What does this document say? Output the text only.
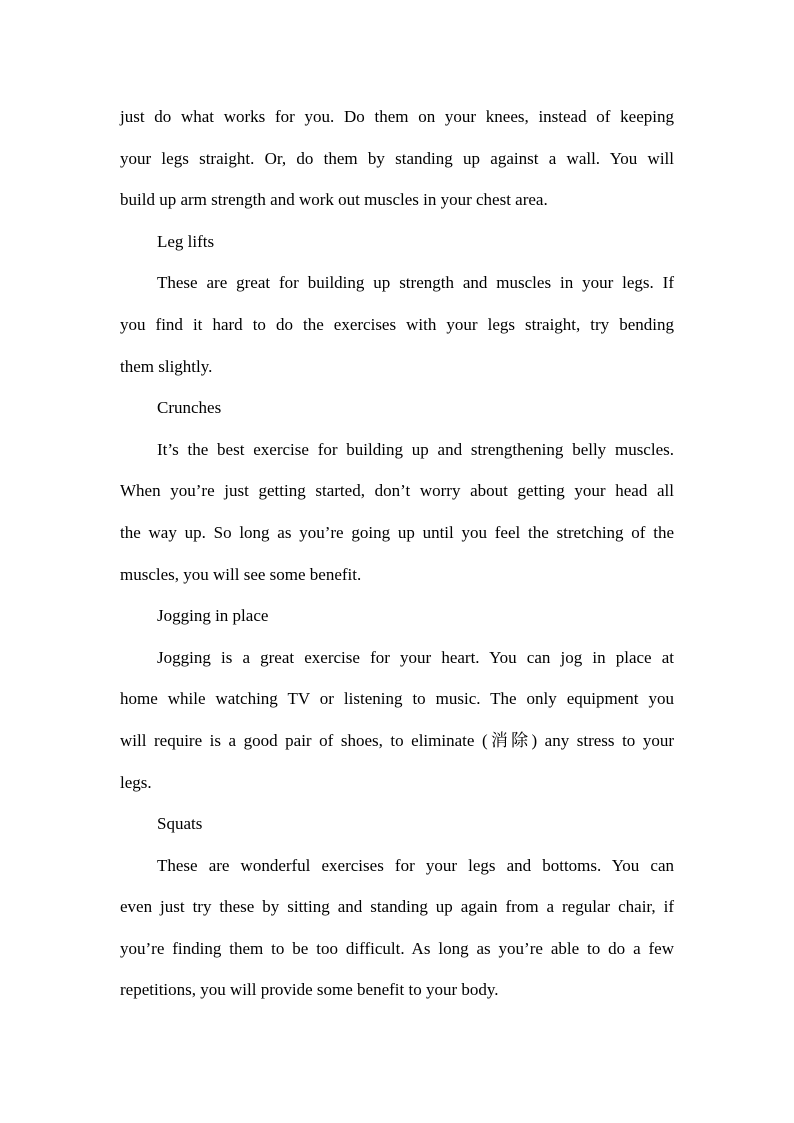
just do what works for you. Do them on your knees, instead of keeping
your legs straight. Or, do them by standing up against a wall. You will
build up arm strength and work out muscles in your chest area.
Leg lifts
These are great for building up strength and muscles in your legs. If
you find it hard to do the exercises with your legs straight, try bending
them slightly.
Crunches
It’s the best exercise for building up and strengthening belly muscles.
When you’re just getting started, don’t worry about getting your head all
the way up. So long as you’re going up until you feel the stretching of the
muscles, you will see some benefit.
Jogging in place
Jogging is a great exercise for your heart. You can jog in place at
home while watching TV or listening to music. The only equipment you
will require is a good pair of shoes, to eliminate (消除) any stress to your
legs.
Squats
These are wonderful exercises for your legs and bottoms. You can
even just try these by sitting and standing up again from a regular chair, if
you’re finding them to be too difficult. As long as you’re able to do a few
repetitions, you will provide some benefit to your body.
